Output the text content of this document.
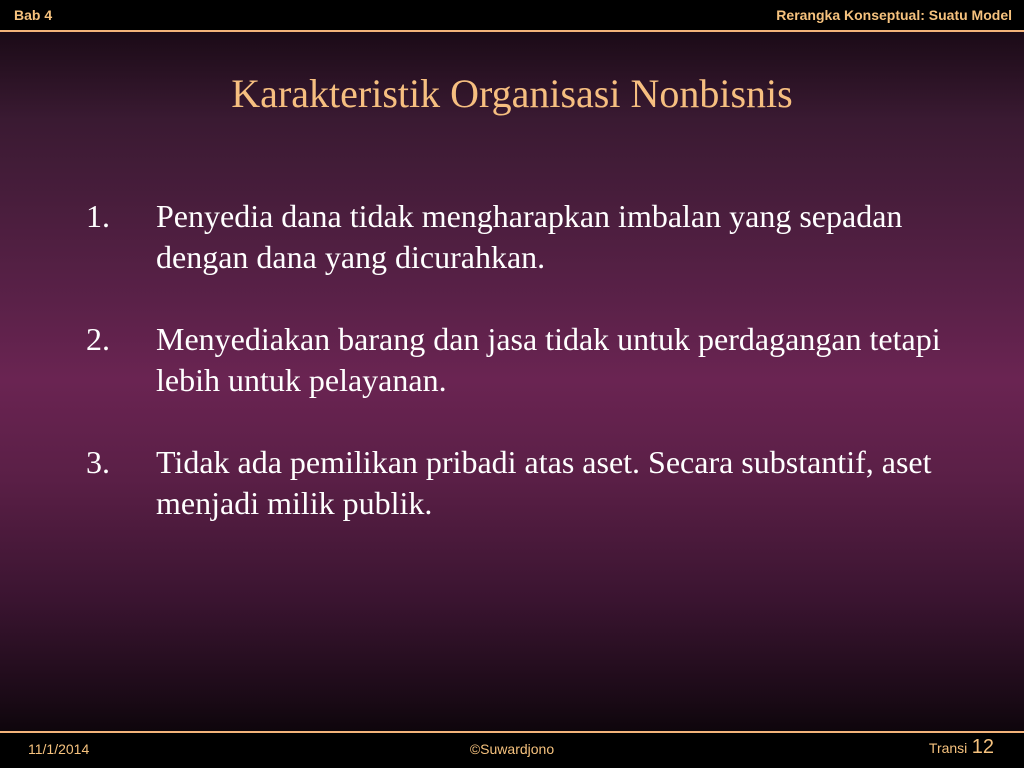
Bab 4	Rerangka Konseptual: Suatu Model
Karakteristik Organisasi Nonbisnis
1.	Penyedia dana tidak mengharapkan imbalan yang sepadan dengan dana yang dicurahkan.
2.	Menyediakan barang dan jasa tidak untuk perdagangan tetapi lebih untuk pelayanan.
3.	Tidak ada pemilikan pribadi atas aset. Secara substantif, aset menjadi milik publik.
11/1/2014	©Suwardjono	Transi 12
